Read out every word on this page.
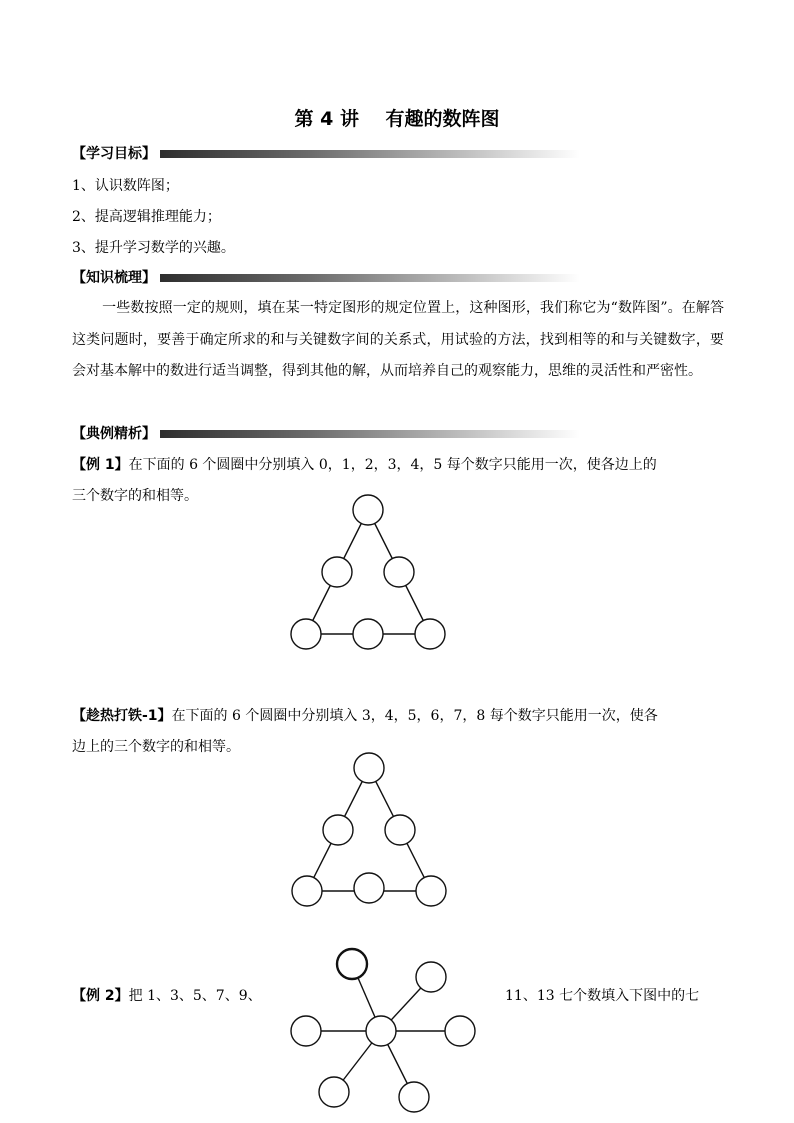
第 4 讲    有趣的数阵图
【学习目标】
1、认识数阵图；
2、提高逻辑推理能力；
3、提升学习数学的兴趣。
【知识梳理】
一些数按照一定的规则，填在某一特定图形的规定位置上，这种图形，我们称它为“数阵图”。在解答这类问题时，要善于确定所求的和与关键数字间的关系式，用试验的方法，找到相等的和与关键数字，要会对基本解中的数进行适当调整，得到其他的解，从而培养自己的观察能力，思维的灵活性和严密性。
【典例精析】
【例 1】在下面的 6 个圆圈中分别填入 0，1，2，3，4，5 每个数字只能用一次，使各边上的
三个数字的和相等。
【趁热打铁-1】在下面的 6 个圆圈中分别填入 3，4，5，6，7，8 每个数字只能用一次，使各
边上的三个数字的和相等。
【例 2】把 1、3、5、7、9、	11、13 七个数填入下图中的七
